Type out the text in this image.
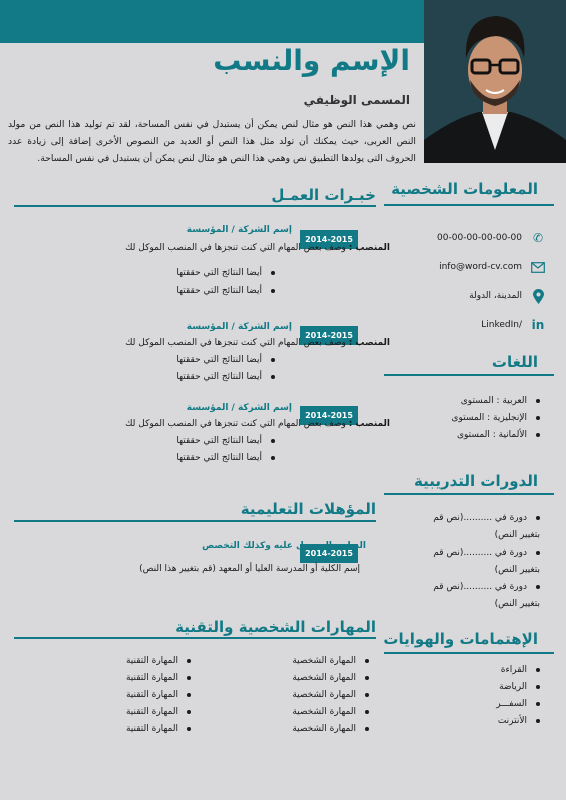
الإسم والنسب
المسمى الوظيفي
نص وهمي هذا النص هو مثال لنص يمكن أن يستبدل في نفس المساحة، لقد تم توليد هذا النص من مولد النص العربى، حيث يمكنك أن تولد مثل هذا النص أو العديد من النصوص الأخرى إضافة إلى زيادة عدد الحروف التى يولدها التطبيق نص وهمي هذا النص هو مثال لنص يمكن أن يستبدل في نفس المساحة.
المعلومات الشخصية
00-00-00-00-00-00 ✆
info@word-cv.com
المدينة، الدولة
LinkedIn/ in
اللغات
العربية : المستوى
الإنجليزية : المستوى
الألمانية : المستوى
الدورات التدريبية
دورة في ..........(نص قم بتغيير النص)
دورة في ..........(نص قم بتغيير النص)
دورة في ..........(نص قم بتغيير النص)
الإهتمامات والهوايات
القراءة
الرياضة
السفـــر
الأنترنت
خبـرات العمـل
2014-2015
إسم الشركة / المؤسسة
المنصب : وصف بعض المهام التي كنت تنجزها في المنصب الموكل لك
أيضا النتائج التي حققتها
أيضا النتائج التي حققتها
2014-2015
إسم الشركة / المؤسسة
المنصب : وصف بعض المهام التي كنت تنجزها في المنصب الموكل لك
أيضا النتائج التي حققتها
أيضا النتائج التي حققتها
2014-2015
إسم الشركة / المؤسسة
المنصب : وصف بعض المهام التي كنت تنجزها في المنصب الموكل لك
أيضا النتائج التي حققتها
أيضا النتائج التي حققتها
المؤهلات التعليمية
2014-2015
الدبلوم المحصل عليه وكذلك التخصص
إسم الكلية أو المدرسة العليا أو المعهد (قم بتغيير هذا النص)
المهارات الشخصية والتقنية
المهارة الشخصية
المهارة الشخصية
المهارة الشخصية
المهارة الشخصية
المهارة الشخصية
المهارة التقنية
المهارة التقنية
المهارة التقنية
المهارة التقنية
المهارة التقنية
